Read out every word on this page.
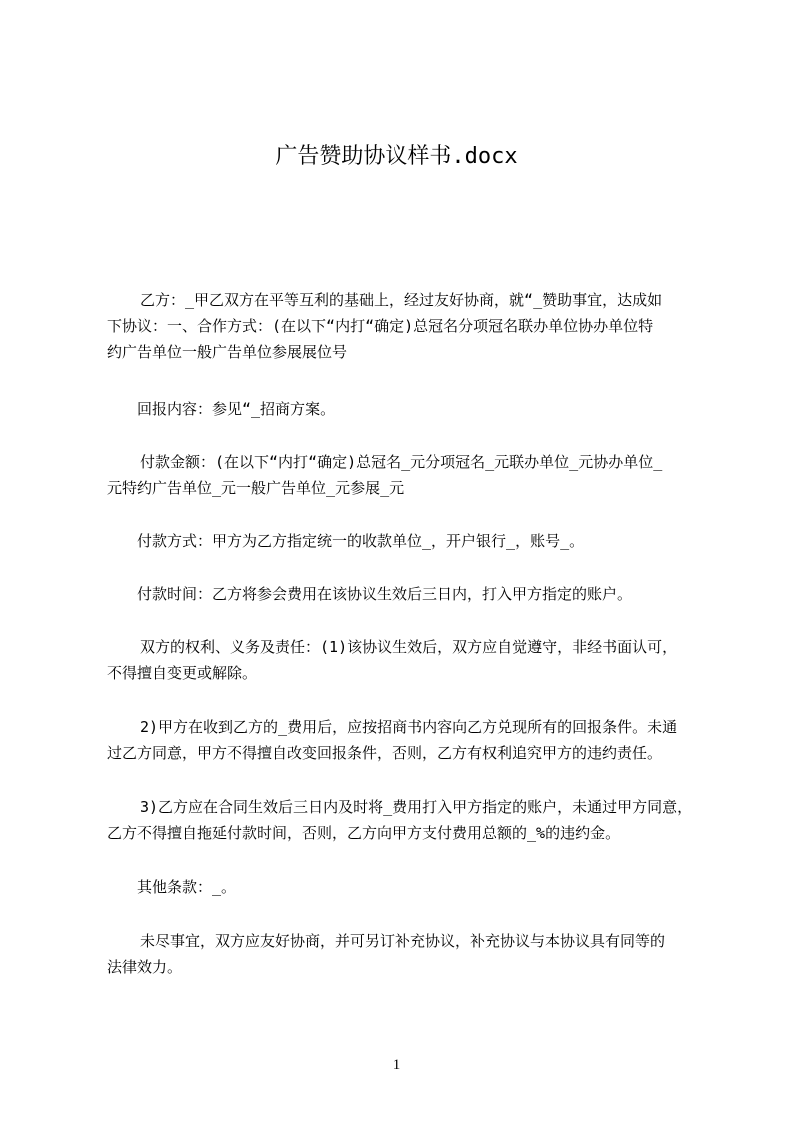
广告赞助协议样书.docx
乙方：_甲乙双方在平等互利的基础上，经过友好协商，就“_赞助事宜，达成如
下协议：一、合作方式：(在以下“内打“确定)总冠名分项冠名联办单位协办单位特
约广告单位一般广告单位参展展位号
回报内容：参见“_招商方案。
付款金额：(在以下“内打“确定)总冠名_元分项冠名_元联办单位_元协办单位_
元特约广告单位_元一般广告单位_元参展_元
付款方式：甲方为乙方指定统一的收款单位_，开户银行_，账号_。
付款时间：乙方将参会费用在该协议生效后三日内，打入甲方指定的账户。
双方的权利、义务及责任：(1)该协议生效后，双方应自觉遵守，非经书面认可，
不得擅自变更或解除。
2)甲方在收到乙方的_费用后，应按招商书内容向乙方兑现所有的回报条件。未通
过乙方同意，甲方不得擅自改变回报条件，否则，乙方有权利追究甲方的违约责任。
3)乙方应在合同生效后三日内及时将_费用打入甲方指定的账户，未通过甲方同意，
乙方不得擅自拖延付款时间，否则，乙方向甲方支付费用总额的_%的违约金。
其他条款：_。
未尽事宜，双方应友好协商，并可另订补充协议，补充协议与本协议具有同等的
法律效力。
1
